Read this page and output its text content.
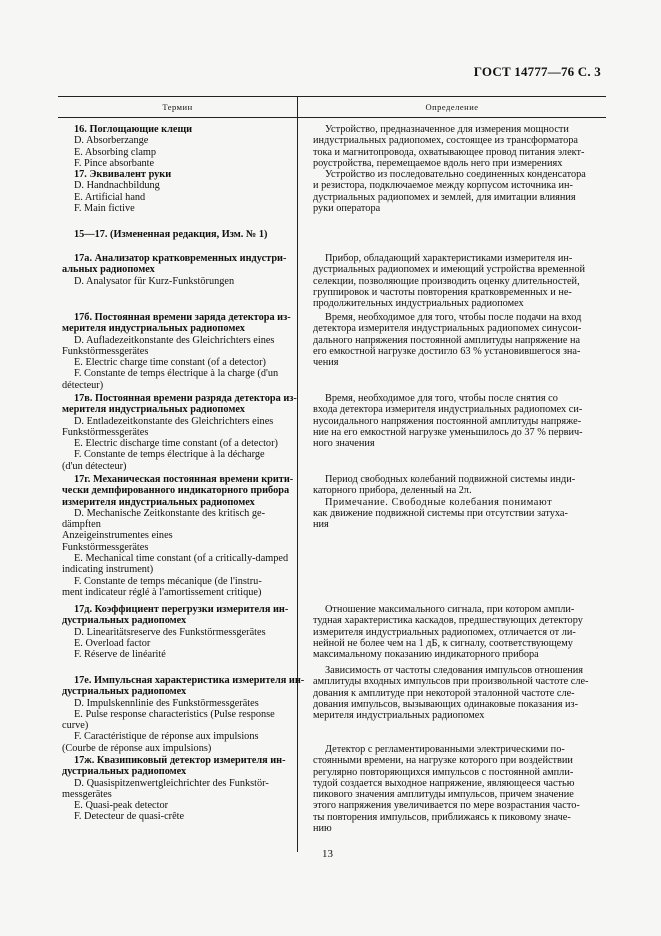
ГОСТ 14777—76 С. 3
Термин	Определение
16. Поглощающие клещи
D. Absorberzange
E. Absorbing clamp
F. Pince absorbante
17. Эквивалент руки
D. Handnachbildung
E. Artificial hand
F. Main fictive
15—17. (Измененная редакция, Изм. № 1)
17а. Анализатор кратковременных индустри-
альных радиопомех
D. Analysator für Kurz-Funkstörungen
17б. Постоянная времени заряда детектора из-
мерителя индустриальных радиопомех
D. Aufladezeitkonstante des Gleichrichters eines
Funkstörmessgerätes
E. Electric charge time constant (of a detector)
F. Constante de temps électrique à la charge (d'un
détecteur)
17в. Постоянная времени разряда детектора из-
мерителя индустриальных радиопомех
D. Entladezeitkonstante des Gleichrichters eines
Funkstörmessgerätes
E. Electric discharge time constant (of a detector)
F. Constante de temps électrique à la décharge
(d'un détecteur)
17г. Механическая постоянная времени крити-
чески демпфированного индикаторного прибора
измерителя индустриальных радиопомех
D. Mechanische Zeitkonstante des kritisch ge-
dämpften
Anzeigeinstrumentes eines
Funkstörmessgerätes
E. Mechanical time constant (of a critically-damped
indicating instrument)
F. Constante de temps mécanique (de l'instru-
ment indicateur réglé à l'amortissement critique)
17д. Коэффициент перегрузки измерителя ин-
дустриальных радиопомех
D. Linearitätsreserve des Funkstörmessgerätes
E. Overload factor
F. Réserve de linéarité
17е. Импульсная характеристика измерителя ин-
дустриальных радиопомех
D. Impulskennlinie des Funkstörmessgerätes
E. Pulse response characteristics (Pulse response
curve)
F. Caractéristique de réponse aux impulsions
(Courbe de réponse aux impulsions)
17ж. Квазипиковый детектор измерителя ин-
дустриальных радиопомех
D. Quasispitzenwertgleichrichter des Funkstör-
messgerätes
E. Quasi-peak detector
F. Detecteur de quasi-crête
Устройство, предназначенное для измерения мощности
индустриальных радиопомех, состоящее из трансформатора
тока и магнитопровода, охватывающее провод питания элект-
роустройства, перемещаемое вдоль него при измерениях
Устройство из последовательно соединенных конденсатора
и резистора, подключаемое между корпусом источника ин-
дустриальных радиопомех и землей, для имитации влияния
руки оператора
Прибор, обладающий характеристиками измерителя ин-
дустриальных радиопомех и имеющий устройства временной
селекции, позволяющие производить оценку длительностей,
группировок и частоты повторения кратковременных и не-
продолжительных индустриальных радиопомех
Время, необходимое для того, чтобы после подачи на вход
детектора измерителя индустриальных радиопомех синусои-
дального напряжения постоянной амплитуды напряжение на
его емкостной нагрузке достигло 63 % установившегося зна-
чения
Время, необходимое для того, чтобы после снятия со
входа детектора измерителя индустриальных радиопомех си-
нусоидального напряжения постоянной амплитуды напряже-
ние на его емкостной нагрузке уменьшилось до 37 % первич-
ного значения
Период свободных колебаний подвижной системы инди-
каторного прибора, деленный на 2π.
Примечание. Свободные колебания понимают
как движение подвижной системы при отсутствии затуха-
ния
Отношение максимального сигнала, при котором ампли-
тудная характеристика каскадов, предшествующих детектору
измерителя индустриальных радиопомех, отличается от ли-
нейной не более чем на 1 дБ, к сигналу, соответствующему
максимальному показанию индикаторного прибора
Зависимость от частоты следования импульсов отношения
амплитуды входных импульсов при произвольной частоте сле-
дования к амплитуде при некоторой эталонной частоте сле-
дования импульсов, вызывающих одинаковые показания из-
мерителя индустриальных радиопомех
Детектор с регламентированными электрическими по-
стоянными времени, на нагрузке которого при воздействии
регулярно повторяющихся импульсов с постоянной ампли-
тудой создается выходное напряжение, являющееся частью
пикового значения амплитуды импульсов, причем значение
этого напряжения увеличивается по мере возрастания часто-
ты повторения импульсов, приближаясь к пиковому значе-
нию
13
